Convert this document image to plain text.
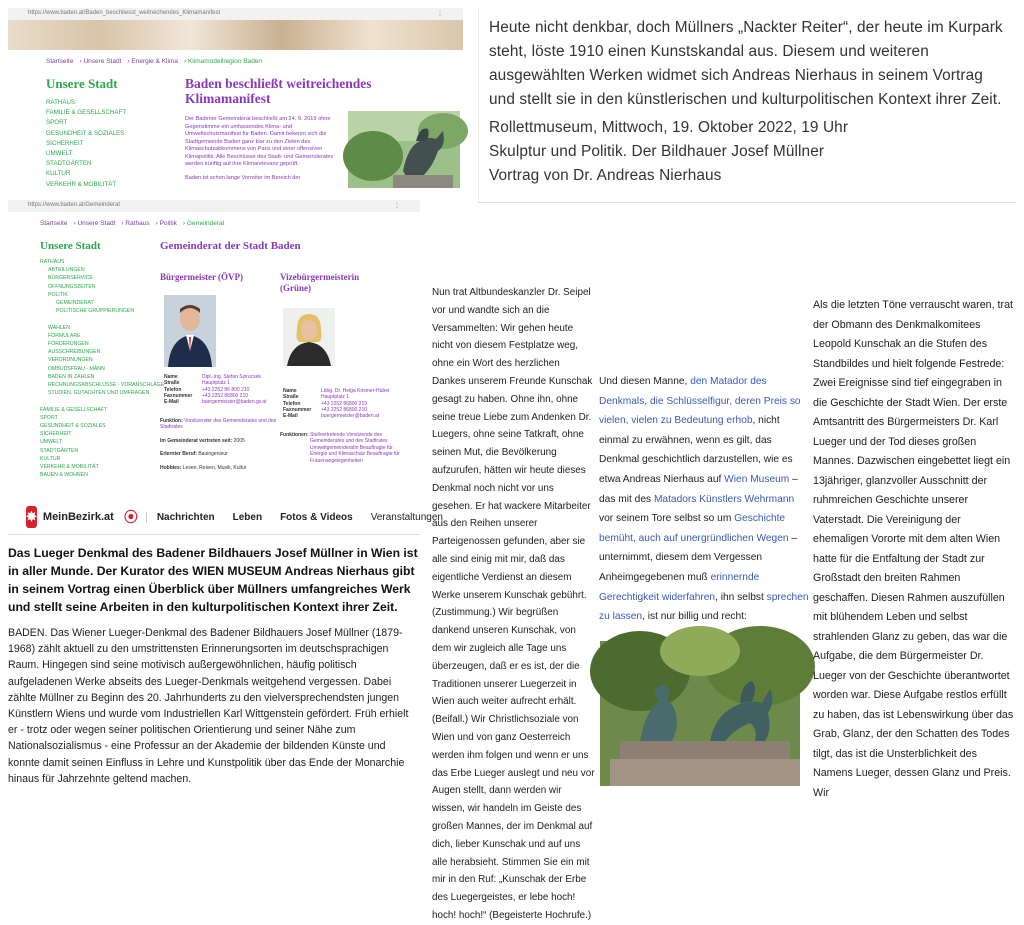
https://www.baden.at/Baden_beschliesst_weitreichendes_Klimamanifest	⋮
Startseite › Unsere Stadt › Energie & Klima › Klimamodellregion Baden
Unsere Stadt
RATHAUS
FAMILIE & GESELLSCHAFT
SPORT
GESUNDHEIT & SOZIALES
SICHERHEIT
UMWELT
STADTGÄRTEN
KULTUR
VERKEHR & MOBILITÄT
Baden beschließt weitreichendes Klimamanifest
Der Badener Gemeinderat beschließt am 24. 9. 2019 ohne Gegenstimme ein umfassendes Klima- und Umweltschutzmanifest für Baden. Damit bekennt sich die Stadtgemeinde Baden ganz klar zu den Zielen des Klimaschutzabkommens von Paris und einer offensiven Klimapolitik. Alle Beschlüsse des Stadt- und Gemeinderates werden künftig auf ihre Klimarelevanz geprüft.
Baden ist schon lange Vorreiter im Bereich der
Heute nicht denkbar, doch Müllners „Nackter Reiter“, der heute im Kurpark steht, löste 1910 einen Kunstskandal aus. Diesem und weiteren ausgewählten Werken widmet sich Andreas Nierhaus in seinem Vortrag und stellt sie in den künstlerischen und kulturpolitischen Kontext ihrer Zeit.
Rollettmuseum, Mittwoch, 19. Oktober 2022, 19 Uhr
Skulptur und Politik. Der Bildhauer Josef Müllner
Vortrag von Dr. Andreas Nierhaus
https://www.baden.at/Gemeinderat	⋮
Startseite › Unsere Stadt › Rathaus › Politik › Gemeinderat
Unsere Stadt
RATHAUS
ABTEILUNGEN
BÜRGERSERVICE
ÖFFNUNGSZEITEN
POLITIK
GEMEINDERAT
POLITISCHE GRUPPIERUNGEN

WAHLEN
FORMULARE
FÖRDERUNGEN
AUSSCHREIBUNGEN
VERORDNUNGEN
OMBUDSFRAU - MANN
BADEN IN ZAHLEN
RECHNUNGSABSCHLÜSSE - VORANSCHLÄGE
STUDIEN, GUTACHTEN UND UMFRAGEN

FAMILIE & GESELLSCHAFT
SPORT
GESUNDHEIT & SOZIALES
SICHERHEIT
UMWELT
STADTGÄRTEN
KULTUR
VERKEHR & MOBILITÄT
BAUEN & WOHNEN
Gemeinderat der Stadt Baden
Bürgermeister (ÖVP)	Vizebürgermeisterin (Grüne)
Name	Dipl.-Ing. Stefan Szirucsek
Straße	Hauptplatz 1
Telefon	+43 2252 86 800 210
Faxnummer	+43 2252 86800 210
E-Mail	buergermeister@baden.gv.at
Name	Lbbg. Dr. Helga Krismer-Huber
Straße	Hauptplatz 1
Telefon	+43 2252 86800 219
Faxnummer	+43 2252 86800 210
E-Mail	buergermeister@baden.at
Funktion: Vorsitzender des Gemeinderates und des Stadtrates
Im Gemeinderat vertreten seit: 2005
Erlernter Beruf: Bauingenieur
Hobbies: Lesen, Reisen, Musik, Kultur
Funktionen: Stellvertretende Vorsitzende des Gemeinderates und des Stadtrates Umweltgemeinderätin Beauftragte für Energie und Klimaschutz Beauftragte für Frauenangelegenheiten
✸ MeinBezirk.at ⦿	Nachrichten Leben Fotos & Videos Veranstaltungen
Das Lueger Denkmal des Badener Bildhauers Josef Müllner in Wien ist in aller Munde. Der Kurator des WIEN MUSEUM Andreas Nierhaus gibt in seinem Vortrag einen Überblick über Müllners umfangreiches Werk und stellt seine Arbeiten in den kulturpolitischen Kontext ihrer Zeit.
BADEN. Das Wiener Lueger-Denkmal des Badener Bildhauers Josef Müllner (1879-1968) zählt aktuell zu den umstrittensten Erinnerungsorten im deutschsprachigen Raum. Hingegen sind seine motivisch außergewöhnlichen, häufig politisch aufgeladenen Werke abseits des Lueger-Denkmals weitgehend vergessen. Dabei zählte Müllner zu Beginn des 20. Jahrhunderts zu den vielversprechendsten jungen Künstlern Wiens und wurde vom Industriellen Karl Wittgenstein gefördert. Früh erhielt er - trotz oder wegen seiner politischen Orientierung und seiner Nähe zum Nationalsozialismus - eine Professur an der Akademie der bildenden Künste und konnte damit seinen Einfluss in Lehre und Kunstpolitik über das Ende der Monarchie hinaus für Jahrzehnte geltend machen.
Nun trat Altbundeskanzler Dr. Seipel vor und wandte sich an die Versammelten: Wir gehen heute nicht von diesem Festplatze weg, ohne ein Wort des herzlichen Dankes unserem Freunde Kunschak gesagt zu haben. Ohne ihn, ohne seine treue Liebe zum Andenken Dr. Luegers, ohne seine Tatkraft, ohne seinen Mut, die Bevölkerung aufzurufen, hätten wir heute dieses Denkmal noch nicht vor uns gesehen. Er hat wackere Mitarbeiter aus den Reihen unserer Parteigenossen gefunden, aber sie alle sind einig mit mir, daß das eigentliche Verdienst an diesem Werke unserem Kunschak gebührt. (Zustimmung.) Wir begrüßen dankend unseren Kunschak, von dem wir zugleich alle Tage uns überzeugen, daß er es ist, der die Traditionen unserer Luegerzeit in Wien auch weiter aufrecht erhält. (Beifall.) Wir Christlichsoziale von Wien und von ganz Oesterreich werden ihm folgen und wenn er uns das Erbe Lueger auslegt und neu vor Augen stellt, dann werden wir wissen, wir handeln im Geiste des großen Mannes, der im Denkmal auf dich, lieber Kunschak und auf uns alle herabsieht. Stimmen Sie ein mit mir in den Ruf: „Kunschak der Erbe des Luegergeistes, er lebe hoch! hoch! hoch!“ (Begeisterte Hochrufe.)
Und diesen Manne, den Matador des Denkmals, die Schlüsselfigur, deren Preis so vielen, vielen zu Bedeutung erhob, nicht einmal zu erwähnen, wenn es gilt, das Denkmal geschichtlich darzustellen, wie es etwa Andreas Nierhaus auf Wien Museum – das mit des Matadors Künstlers Wehrmann vor seinem Tore selbst so um Geschichte bemüht, auch auf unergründlichen Wegen – unternimmt, diesem dem Vergessen Anheimgegebenen muß erinnernde Gerechtigkeit widerfahren, ihn selbst sprechen zu lassen, ist nur billig und recht:
Als die letzten Töne verrauscht waren, trat der Obmann des Denkmalkomitees Leopold Kunschak an die Stufen des Standbildes und hielt folgende Festrede: Zwei Ereignisse sind tief eingegraben in die Geschichte der Stadt Wien. Der erste Amtsantritt des Bürgermeisters Dr. Karl Lueger und der Tod dieses großen Mannes. Dazwischen eingebettet liegt ein 13jähriger, glanzvoller Ausschnitt der ruhmreichen Geschichte unserer Vaterstadt. Die Vereinigung der ehemaligen Vororte mit dem alten Wien hatte für die Entfaltung der Stadt zur Großstadt den breiten Rahmen geschaffen. Diesen Rahmen auszufüllen mit blühendem Leben und selbst strahlenden Glanz zu geben, das war die Aufgabe, die dem Bürgermeister Dr. Lueger von der Geschichte überantwortet worden war. Diese Aufgabe restlos erfüllt zu haben, das ist Lebenswirkung über das Grab, Glanz, der den Schatten des Todes tilgt, das ist die Unsterblichkeit des Namens Lueger, dessen Glanz und Preis. Wir
